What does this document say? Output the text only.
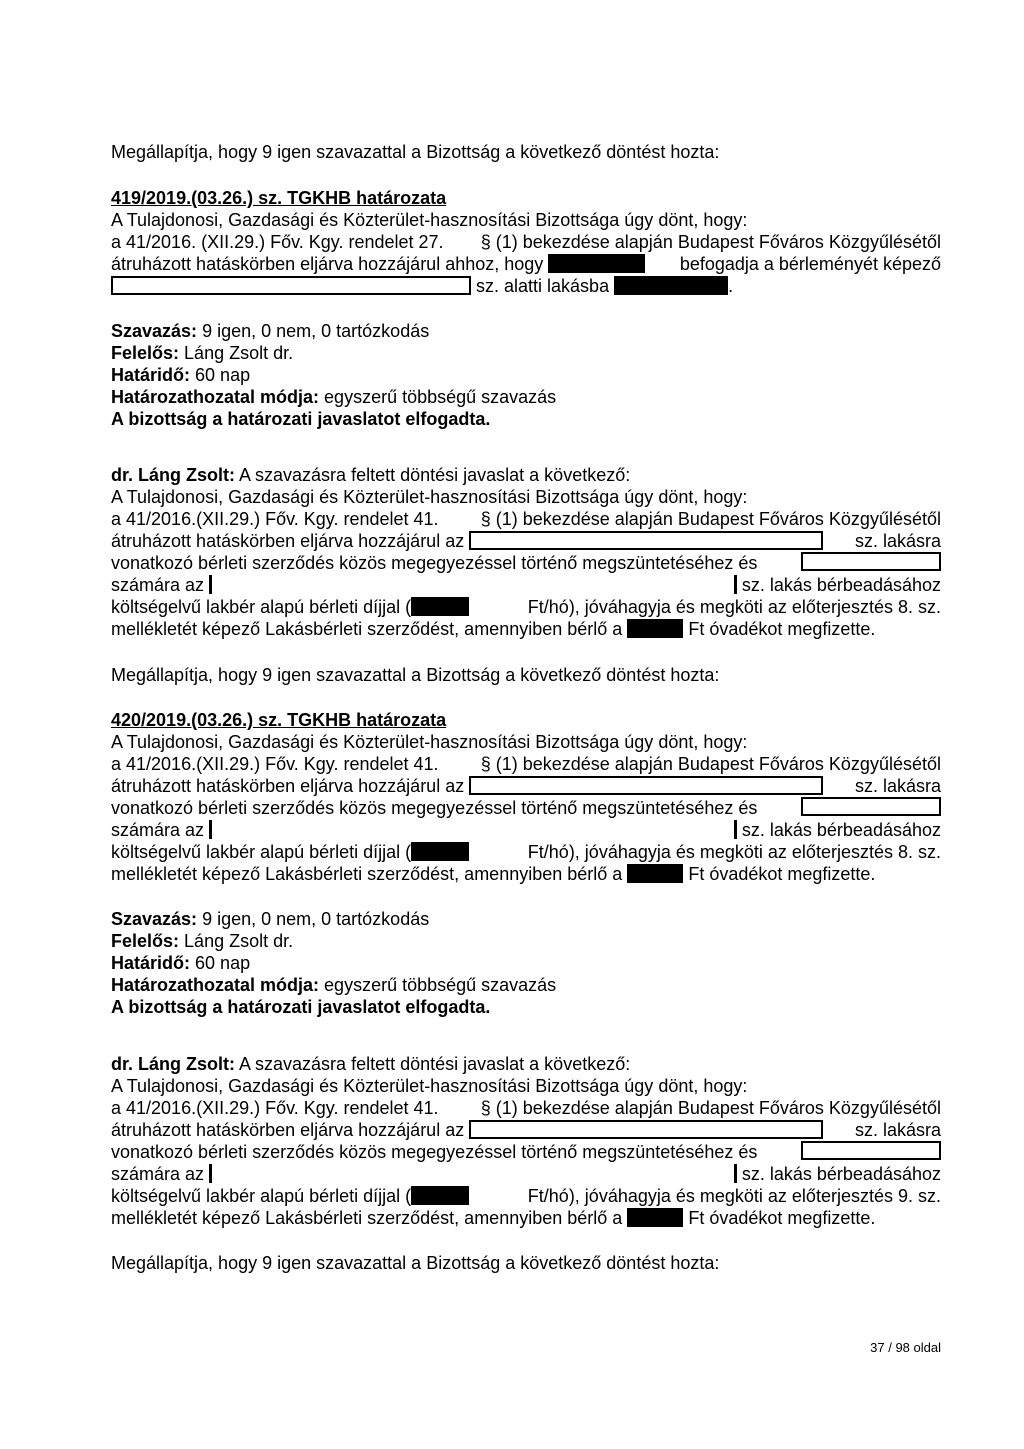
Megállapítja, hogy 9 igen szavazattal a Bizottság a következő döntést hozta:
419/2019.(03.26.) sz. TGKHB határozata
A Tulajdonosi, Gazdasági és Közterület-hasznosítási Bizottsága úgy dönt, hogy:
a 41/2016. (XII.29.) Főv. Kgy. rendelet 27. § (1) bekezdése alapján Budapest Főváros Közgyűlésétől
átruházott hatáskörben eljárva hozzájárul ahhoz, hogy	befogadja a bérleményét képező
sz. alatti lakásba	.
Szavazás: 9 igen, 0 nem, 0 tartózkodás
Felelős: Láng Zsolt dr.
Határidő: 60 nap
Határozathozatal módja: egyszerű többségű szavazás
A bizottság a határozati javaslatot elfogadta.
dr. Láng Zsolt: A szavazásra feltett döntési javaslat a következő:
A Tulajdonosi, Gazdasági és Közterület-hasznosítási Bizottsága úgy dönt, hogy:
a 41/2016.(XII.29.) Főv. Kgy. rendelet 41. § (1) bekezdése alapján Budapest Főváros Közgyűlésétől
átruházott hatáskörben eljárva hozzájárul az	sz. lakásra
vonatkozó bérleti szerződés közös megegyezéssel történő megszüntetéséhez és
számára az	sz. lakás bérbeadásához
költségelvű lakbér alapú bérleti díjjal (	Ft/hó), jóváhagyja és megköti az előterjesztés 8. sz.
mellékletét képező Lakásbérleti szerződést, amennyiben bérlő a	Ft óvadékot megfizette.
Megállapítja, hogy 9 igen szavazattal a Bizottság a következő döntést hozta:
420/2019.(03.26.) sz. TGKHB határozata
A Tulajdonosi, Gazdasági és Közterület-hasznosítási Bizottsága úgy dönt, hogy:
a 41/2016.(XII.29.) Főv. Kgy. rendelet 41. § (1) bekezdése alapján Budapest Főváros Közgyűlésétől
átruházott hatáskörben eljárva hozzájárul az	sz. lakásra
vonatkozó bérleti szerződés közös megegyezéssel történő megszüntetéséhez és
számára az	sz. lakás bérbeadásához
költségelvű lakbér alapú bérleti díjjal (	Ft/hó), jóváhagyja és megköti az előterjesztés 8. sz.
mellékletét képező Lakásbérleti szerződést, amennyiben bérlő a	Ft óvadékot megfizette.
Szavazás: 9 igen, 0 nem, 0 tartózkodás
Felelős: Láng Zsolt dr.
Határidő: 60 nap
Határozathozatal módja: egyszerű többségű szavazás
A bizottság a határozati javaslatot elfogadta.
dr. Láng Zsolt: A szavazásra feltett döntési javaslat a következő:
A Tulajdonosi, Gazdasági és Közterület-hasznosítási Bizottsága úgy dönt, hogy:
a 41/2016.(XII.29.) Főv. Kgy. rendelet 41. § (1) bekezdése alapján Budapest Főváros Közgyűlésétől
átruházott hatáskörben eljárva hozzájárul az	sz. lakásra
vonatkozó bérleti szerződés közös megegyezéssel történő megszüntetéséhez és
számára az	sz. lakás bérbeadásához
költségelvű lakbér alapú bérleti díjjal (	Ft/hó), jóváhagyja és megköti az előterjesztés 9. sz.
mellékletét képező Lakásbérleti szerződést, amennyiben bérlő a	Ft óvadékot megfizette.
Megállapítja, hogy 9 igen szavazattal a Bizottság a következő döntést hozta:
37 / 98 oldal
